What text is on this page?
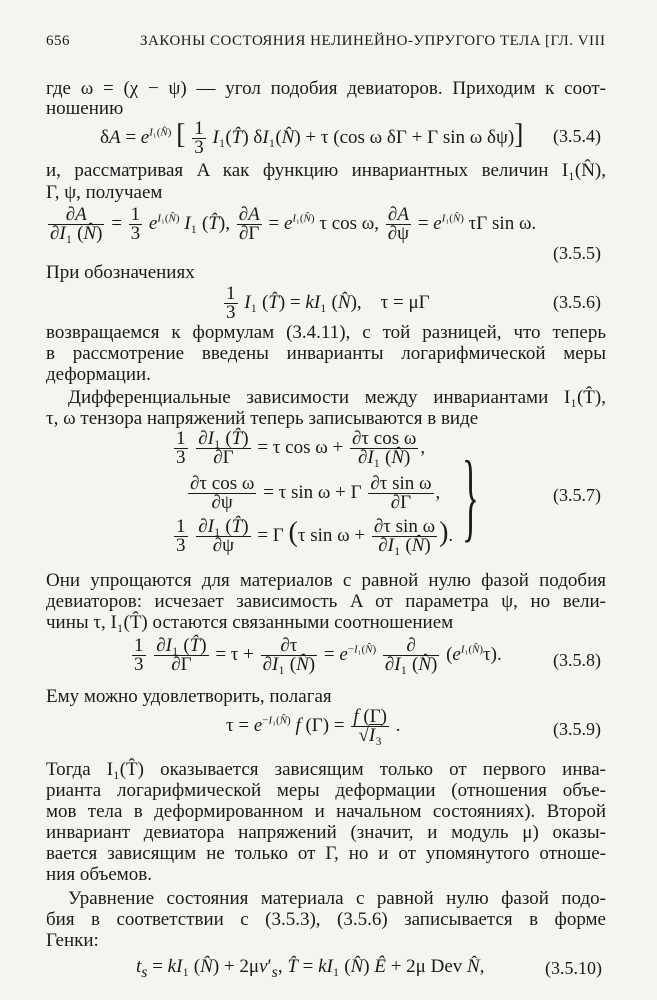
656	ЗАКОНЫ СОСТОЯНИЯ НЕЛИНЕЙНО-УПРУГОГО ТЕЛА [ГЛ. VIII
где ω = (χ − ψ) — угол подобия девиаторов. Приходим к соот-
ношению
$\delta A = e^{I_1(N̂)}$ [ $\frac{1}{3}$ I₁(T̂) δI₁(N̂) + τ (cos ω δΓ + Γ sin ω δψ)] (3.5.4)
и, рассматривая A как функцию инвариантных величин I₁(N̂),
Γ, ψ, получаем
$\frac{\partial A}{\text{∂I₁ (N̂)}} = \frac{1}{3} e^{I_1(N̂)}$ I₁ (T̂), $\frac{\partial A}{\partial\Gamma} = e^{I_1(N̂)}$ τ cos ω, $\frac{\partial A}{\partial\psi} = e^{I_1(N̂)}$ τΓ sin ω.
(3.5.5)
При обозначениях
$\frac{1}{3} I_1$ (T̂) = kI₁ (N̂),    τ = μΓ	(3.5.6)
возвращаемся к формулам (3.4.11), с той разницей, что теперь
в рассмотрение введены инварианты логарифмической меры
деформации.
Дифференциальные зависимости между инвариантами I₁(T̂),
τ, ω тензора напряжений теперь записываются в виде
$\frac{1}{3}$
$\frac{\text{∂I₁ (T̂)}}{\partial\Gamma} = \tau$ $\cos \omega + \frac{\text{∂τ cos ω}}{\text{∂I₁ (N̂)}}$ ,
$\frac{\text{∂τ cos ω}}{\partial\psi} = \tau$ sin ω + Γ $\frac{\text{∂τ sin ω}}{\partial\Gamma}$ ,
$\frac{1}{3}$
$\frac{\text{∂I₁ (T̂)}}{\partial\psi} = \Gamma$ (τ $\sin \omega + \frac{\text{∂τ sin ω}}{\text{∂I₁ (N̂)}}$ ). }	(3.5.7)
Они упрощаются для материалов с равной нулю фазой подобия
девиаторов: исчезает зависимость A от параметра ψ, но вели-
чины τ, I₁(T̂) остаются связанными соотношением
$\frac{1}{3}$
$\frac{\text{∂I₁ (T̂)}}{\partial\Gamma} = \tau + \frac{\partial\tau}{\text{∂I₁ (N̂)}} = e^{-I_1(N̂)} \frac{\partial}{\text{∂I₁ (N̂)}} (e^{I_1(N̂)}\tau)$.	(3.5.8)
Ему можно удовлетворить, полагая
$\tau = e^{-I_1(N̂)}$ f $(\Gamma) = \frac{f (\Gamma)}{\text{√I₃}}$ .	(3.5.9)
Тогда I₁(T̂) оказывается зависящим только от первого инва-
рианта логарифмической меры деформации (отношения объе-
мов тела в деформированном и начальном состояниях). Второй
инвариант девиатора напряжений (значит, и модуль μ) оказы-
вается зависящим не только от Γ, но и от упомянутого отноше-
ния объемов.
Уравнение состояния материала с равной нулю фазой подо-
бия в соответствии с (3.5.3), (3.5.6) записывается в форме
Генки:
$t_s = kI_1$ (N̂) + $2\mu v'_s$, T̂ = kI₁ (N̂) Ê + 2μ Dev N̂,	(3.5.10)
